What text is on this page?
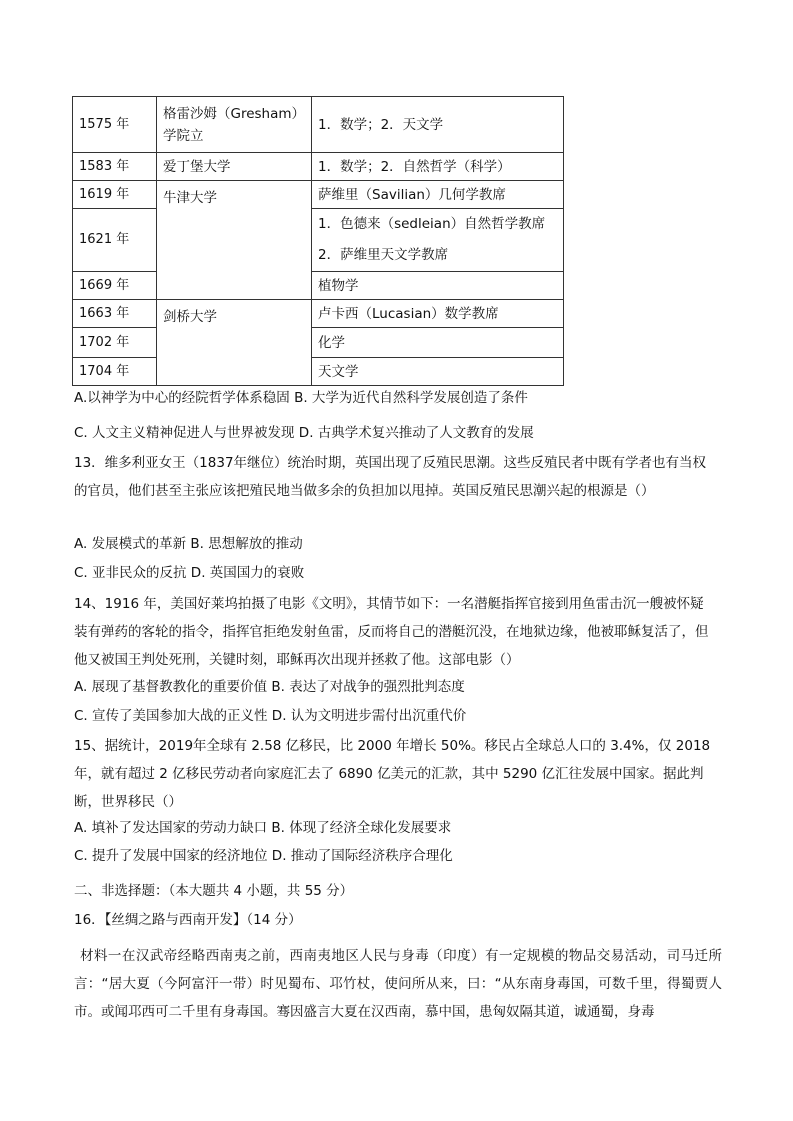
1575 年	格雷沙姆（Gresham）学院立	1．数学；2．天文学
1583 年	爱丁堡大学	1．数学；2．自然哲学（科学）
1619 年	牛津大学	萨维里（Savilian）几何学教席
1621 年		1．色德来（sedleian）自然哲学教席
2．萨维里天文学教席

1669 年		植物学
1663 年	剑桥大学	卢卡西（Lucasian）数学教席
1702 年		化学
1704 年		天文学
A.以神学为中心的经院哲学体系稳固 B. 大学为近代自然科学发展创造了条件
C. 人文主义精神促进人与世界被发现 D. 古典学术复兴推动了人文教育的发展
13．维多利亚女王（1837年继位）统治时期，英国出现了反殖民思潮。这些反殖民者中既有学者也有当权的官员，他们甚至主张应该把殖民地当做多余的负担加以甩掉。英国反殖民思潮兴起的根源是（）
A. 发展模式的革新 B. 思想解放的推动
C. 亚非民众的反抗 D. 英国国力的衰败
14、1916 年，美国好莱坞拍摄了电影《文明》，其情节如下：一名潜艇指挥官接到用鱼雷击沉一艘被怀疑装有弹药的客轮的指令，指挥官拒绝发射鱼雷，反而将自己的潜艇沉没，在地狱边缘，他被耶稣复活了，但他又被国王判处死刑，关键时刻，耶稣再次出现并拯救了他。这部电影（）
A. 展现了基督教教化的重要价值 B. 表达了对战争的强烈批判态度
C. 宣传了美国参加大战的正义性 D. 认为文明进步需付出沉重代价
15、据统计，2019年全球有 2.58 亿移民，比 2000 年增长 50%。移民占全球总人口的 3.4%，仅 2018 年，就有超过 2 亿移民劳动者向家庭汇去了 6890 亿美元的汇款，其中 5290 亿汇往发展中国家。据此判断，世界移民（）
A. 填补了发达国家的劳动力缺口 B. 体现了经济全球化发展要求
C. 提升了发展中国家的经济地位 D. 推动了国际经济秩序合理化
二、非选择题：（本大题共 4 小题，共 55 分）
16．【丝绸之路与西南开发】（14 分）
材料一在汉武帝经略西南夷之前，西南夷地区人民与身毒（印度）有一定规模的物品交易活动，司马迁所言：“居大夏（今阿富汗一带）时见蜀布、邛竹杖，使问所从来，曰：“从东南身毒国，可数千里，得蜀贾人市。或闻邛西可二千里有身毒国。骞因盛言大夏在汉西南，慕中国，患匈奴隔其道，诚通蜀，身毒
